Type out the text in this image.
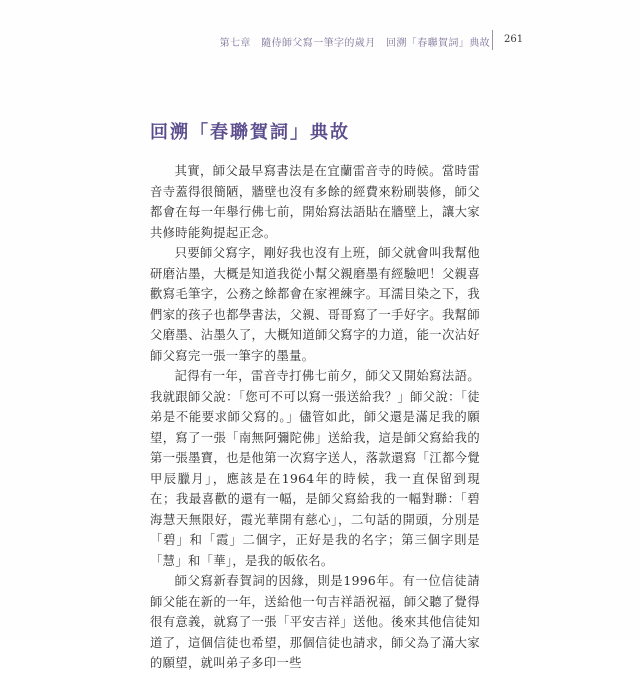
第七章　隨侍師父寫一筆字的歲月　回溯「春聯賀詞」典故 261
回溯「春聯賀詞」典故

其實，師父最早寫書法是在宜蘭雷音寺的時候。當時雷音寺蓋得很簡陋，牆壁也沒有多餘的經費來粉刷裝修，師父都會在每一年舉行佛七前，開始寫法語貼在牆壁上，讓大家共修時能夠提起正念。

只要師父寫字，剛好我也沒有上班，師父就會叫我幫他研磨沾墨，大概是知道我從小幫父親磨墨有經驗吧！父親喜歡寫毛筆字，公務之餘都會在家裡練字。耳濡目染之下，我們家的孩子也都學書法，父親、哥哥寫了一手好字。我幫師父磨墨、沾墨久了，大概知道師父寫字的力道，能一次沾好師父寫完一張一筆字的墨量。

記得有一年，雷音寺打佛七前夕，師父又開始寫法語。我就跟師父說：「您可不可以寫一張送給我？」師父說：「徒弟是不能要求師父寫的。」儘管如此，師父還是滿足我的願望，寫了一張「南無阿彌陀佛」送給我，這是師父寫給我的第一張墨寶，也是他第一次寫字送人，落款還寫「江都今覺　甲辰臘月」，應該是在1964年的時候，我一直保留到現在；我最喜歡的還有一幅，是師父寫給我的一幅對聯：「碧海慧天無限好，霞光華開有慈心」，二句話的開頭，分別是「碧」和「霞」二個字，正好是我的名字；第三個字則是「慧」和「華」，是我的皈依名。

師父寫新春賀詞的因緣，則是1996年。有一位信徒請師父能在新的一年，送給他一句吉祥語祝福，師父聽了覺得很有意義，就寫了一張「平安吉祥」送他。後來其他信徒知道了，這個信徒也希望，那個信徒也請求，師父為了滿大家的願望，就叫弟子多印一些
